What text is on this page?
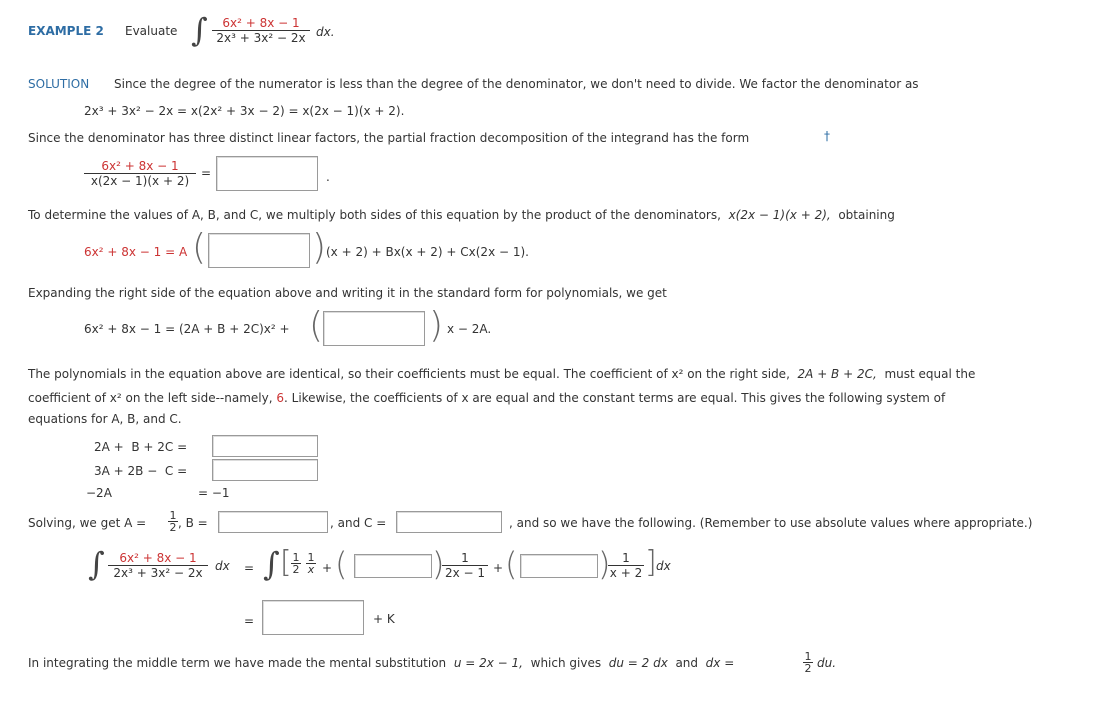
EXAMPLE 2 Evaluate ∫ $\frac{\text{6x² + 8x − 1}}{\text{2x³ + 3x² − 2x}}$ dx.
SOLUTION Since the degree of the numerator is less than the degree of the denominator, we don't need to divide. We factor the denominator as
2x³ + 3x² − 2x = x(2x² + 3x − 2) = x(2x − 1)(x + 2).
Since the denominator has three distinct linear factors, the partial fraction decomposition of the integrand has the form	†
$\frac{\text{6x² + 8x − 1}}{x(2x - 1)(x + 2)}$ =	.
To determine the values of A, B, and C, we multiply both sides of this equation by the product of the denominators, x(2x − 1)(x + 2), obtaining
6x² + 8x − 1 = A (	) (x + 2) + Bx(x + 2) + Cx(2x − 1).
Expanding the right side of the equation above and writing it in the standard form for polynomials, we get
6x² + 8x − 1 = (2A + B + 2C)x² + (	) x − 2A.
The polynomials in the equation above are identical, so their coefficients must be equal. The coefficient of x² on the right side, 2A + B + 2C, must equal the
coefficient of x² on the left side--namely, 6. Likewise, the coefficients of x are equal and the constant terms are equal. This gives the following system of
equations for A, B, and C.
2A +  B + 2C =
3A + 2B −  C =
−2A	= −1
Solving, we get $A = \frac{1}{2}$ , B =	, and C =	, and so we have the following. (Remember to use absolute values where appropriate.)
∫ $\frac{\text{6x² + 8x − 1}}{\text{2x³ + 3x² − 2x}}$ dx = ∫ [ $\frac{1}{2} \frac{1}{x}$ + (	)
$\frac{1}{2x - 1}$ + (	)
$\frac{1}{x + 2}$ ] dx
=	+ K
In integrating the middle term we have made the mental substitution u = 2x − 1, which gives du = 2 dx and dx =	$\frac{1}{2}$ du.
